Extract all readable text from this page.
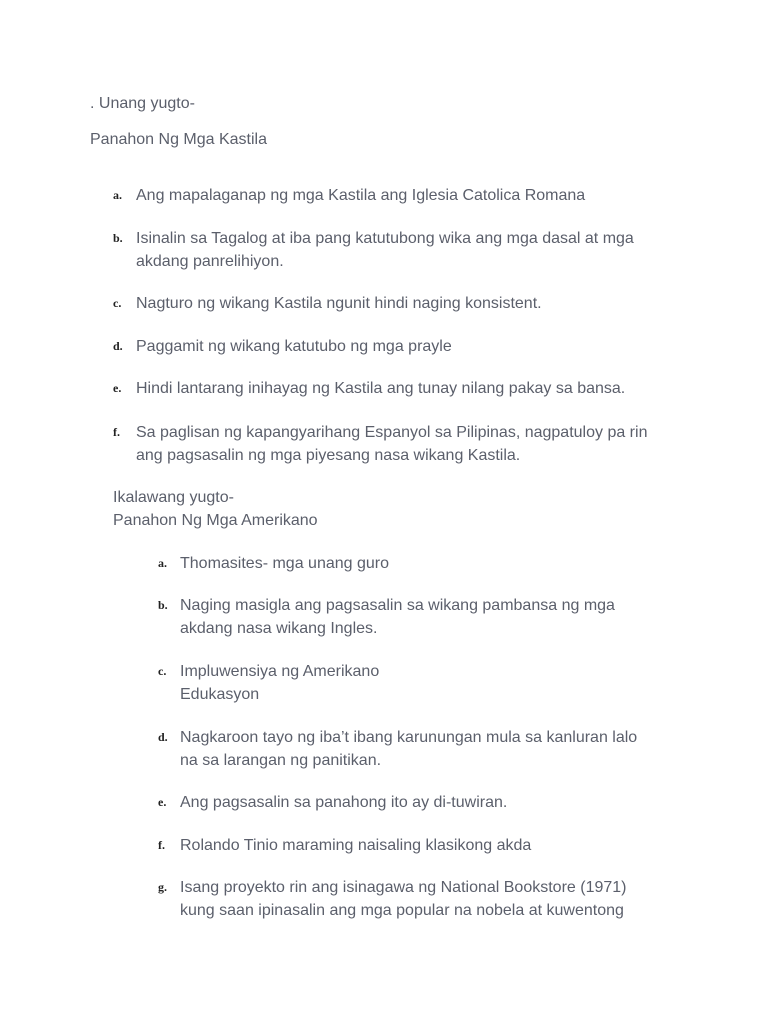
. Unang yugto-
Panahon Ng Mga Kastila
a. Ang mapalaganap ng mga Kastila ang Iglesia Catolica Romana
b. Isinalin sa Tagalog at iba pang katutubong wika ang mga dasal at mga
akdang panrelihiyon.
c. Nagturo ng wikang Kastila ngunit hindi naging konsistent.
d. Paggamit ng wikang katutubo ng mga prayle
e. Hindi lantarang inihayag ng Kastila ang tunay nilang pakay sa bansa.
f. Sa paglisan ng kapangyarihang Espanyol sa Pilipinas, nagpatuloy pa rin
ang pagsasalin ng mga piyesang nasa wikang Kastila.
Ikalawang yugto-
Panahon Ng Mga Amerikano
a. Thomasites- mga unang guro
b. Naging masigla ang pagsasalin sa wikang pambansa ng mga
akdang nasa wikang Ingles.
c. Impluwensiya ng Amerikano
Edukasyon
d. Nagkaroon tayo ng iba’t ibang karunungan mula sa kanluran lalo
na sa larangan ng panitikan.
e. Ang pagsasalin sa panahong ito ay di-tuwiran.
f. Rolando Tinio maraming naisaling klasikong akda
g. Isang proyekto rin ang isinagawa ng National Bookstore (1971)
kung saan ipinasalin ang mga popular na nobela at kuwentong
